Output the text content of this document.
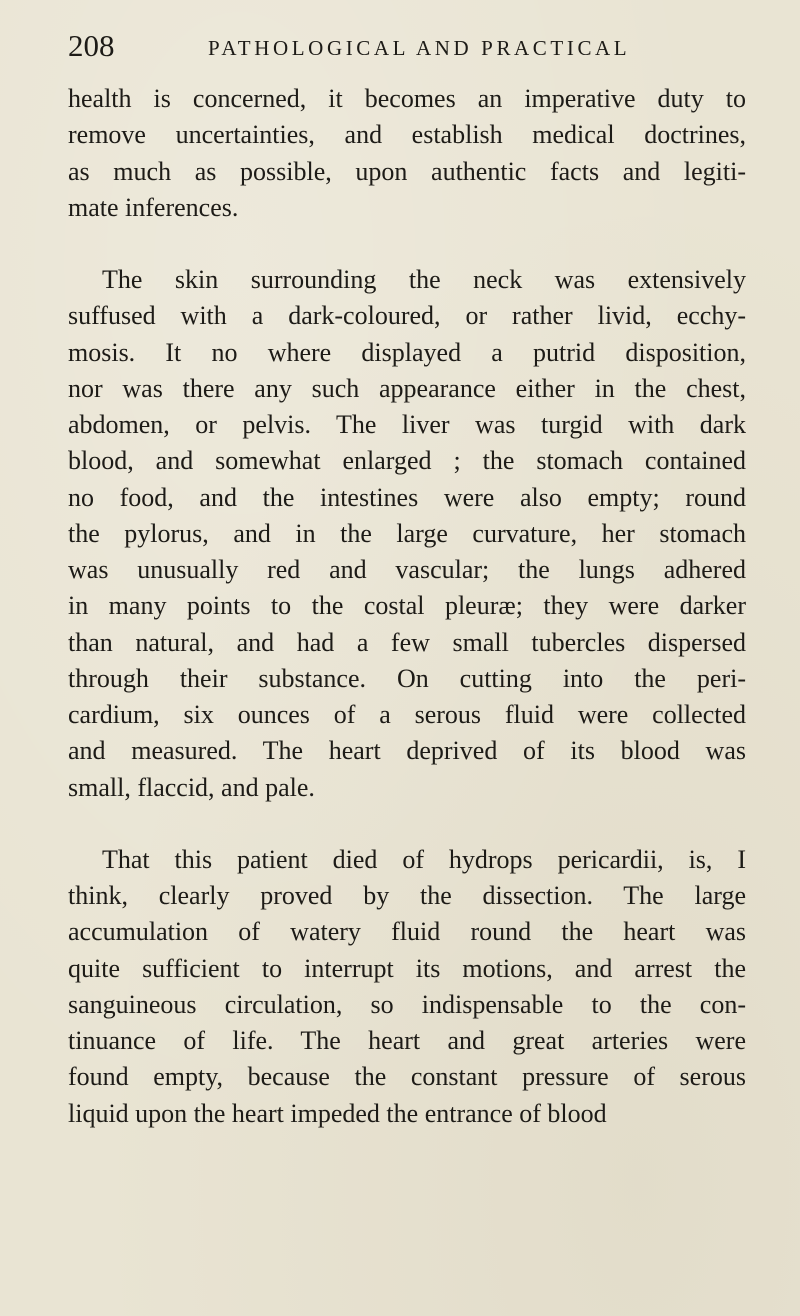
208	PATHOLOGICAL AND PRACTICAL

health is concerned, it becomes an imperative duty to
remove uncertainties, and establish medical doctrines,
as much as possible, upon authentic facts and legiti-
mate inferences.

The skin surrounding the neck was extensively
suffused with a dark-coloured, or rather livid, ecchy-
mosis. It no where displayed a putrid disposition,
nor was there any such appearance either in the chest,
abdomen, or pelvis. The liver was turgid with dark
blood, and somewhat enlarged ; the stomach contained
no food, and the intestines were also empty; round
the pylorus, and in the large curvature, her stomach
was unusually red and vascular; the lungs adhered
in many points to the costal pleuræ; they were darker
than natural, and had a few small tubercles dispersed
through their substance. On cutting into the peri-
cardium, six ounces of a serous fluid were collected
and measured. The heart deprived of its blood was
small, flaccid, and pale.

That this patient died of hydrops pericardii, is, I
think, clearly proved by the dissection. The large
accumulation of watery fluid round the heart was
quite sufficient to interrupt its motions, and arrest the
sanguineous circulation, so indispensable to the con-
tinuance of life. The heart and great arteries were
found empty, because the constant pressure of serous
liquid upon the heart impeded the entrance of blood
